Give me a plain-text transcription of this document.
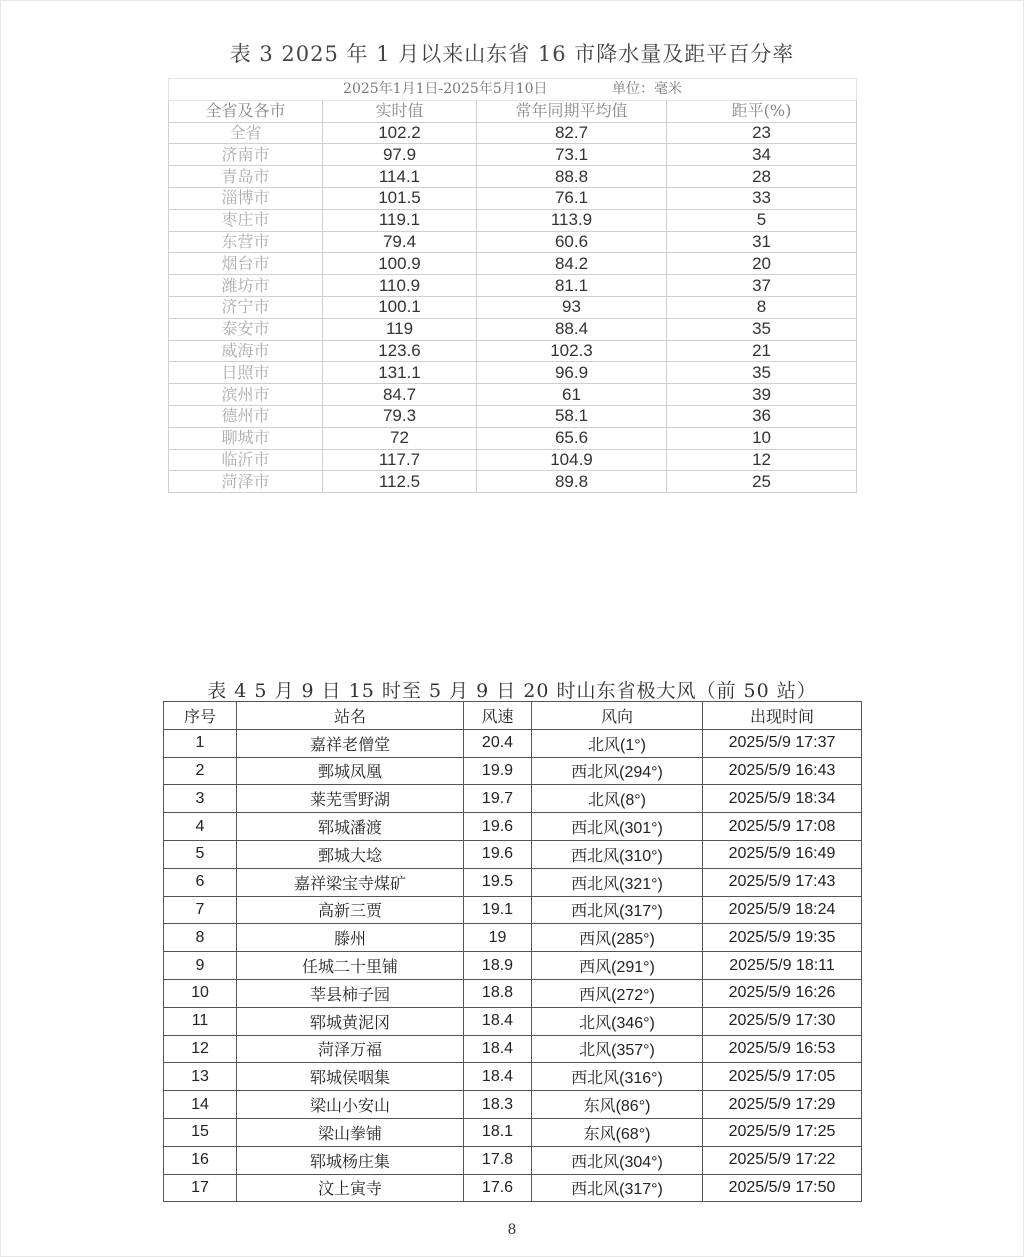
表 3 2025 年 1 月以来山东省 16 市降水量及距平百分率
2025年1月1日-2025年5月10日 单位：毫米			
全省及各市	实时值	常年同期平均值	距平(%)
全省	102.2	82.7	23
济南市	97.9	73.1	34
青岛市	114.1	88.8	28
淄博市	101.5	76.1	33
枣庄市	119.1	113.9	5
东营市	79.4	60.6	31
烟台市	100.9	84.2	20
潍坊市	110.9	81.1	37
济宁市	100.1	93	8
泰安市	119	88.4	35
威海市	123.6	102.3	21
日照市	131.1	96.9	35
滨州市	84.7	61	39
德州市	79.3	58.1	36
聊城市	72	65.6	10
临沂市	117.7	104.9	12
菏泽市	112.5	89.8	25
表 4 5 月 9 日 15 时至 5 月 9 日 20 时山东省极大风（前 50 站）
序号	站名	风速	风向	出现时间
1	嘉祥老僧堂	20.4	北风(1°)	2025/5/9 17:37
2	鄄城凤凰	19.9	西北风(294°)	2025/5/9 16:43
3	莱芜雪野湖	19.7	北风(8°)	2025/5/9 18:34
4	郓城潘渡	19.6	西北风(301°)	2025/5/9 17:08
5	鄄城大埝	19.6	西北风(310°)	2025/5/9 16:49
6	嘉祥梁宝寺煤矿	19.5	西北风(321°)	2025/5/9 17:43
7	高新三贾	19.1	西北风(317°)	2025/5/9 18:24
8	滕州	19	西风(285°)	2025/5/9 19:35
9	任城二十里铺	18.9	西风(291°)	2025/5/9 18:11
10	莘县柿子园	18.8	西风(272°)	2025/5/9 16:26
11	郓城黄泥冈	18.4	北风(346°)	2025/5/9 17:30
12	菏泽万福	18.4	北风(357°)	2025/5/9 16:53
13	郓城侯咽集	18.4	西北风(316°)	2025/5/9 17:05
14	梁山小安山	18.3	东风(86°)	2025/5/9 17:29
15	梁山拳铺	18.1	东风(68°)	2025/5/9 17:25
16	郓城杨庄集	17.8	西北风(304°)	2025/5/9 17:22
17	汶上寅寺	17.6	西北风(317°)	2025/5/9 17:50
8
